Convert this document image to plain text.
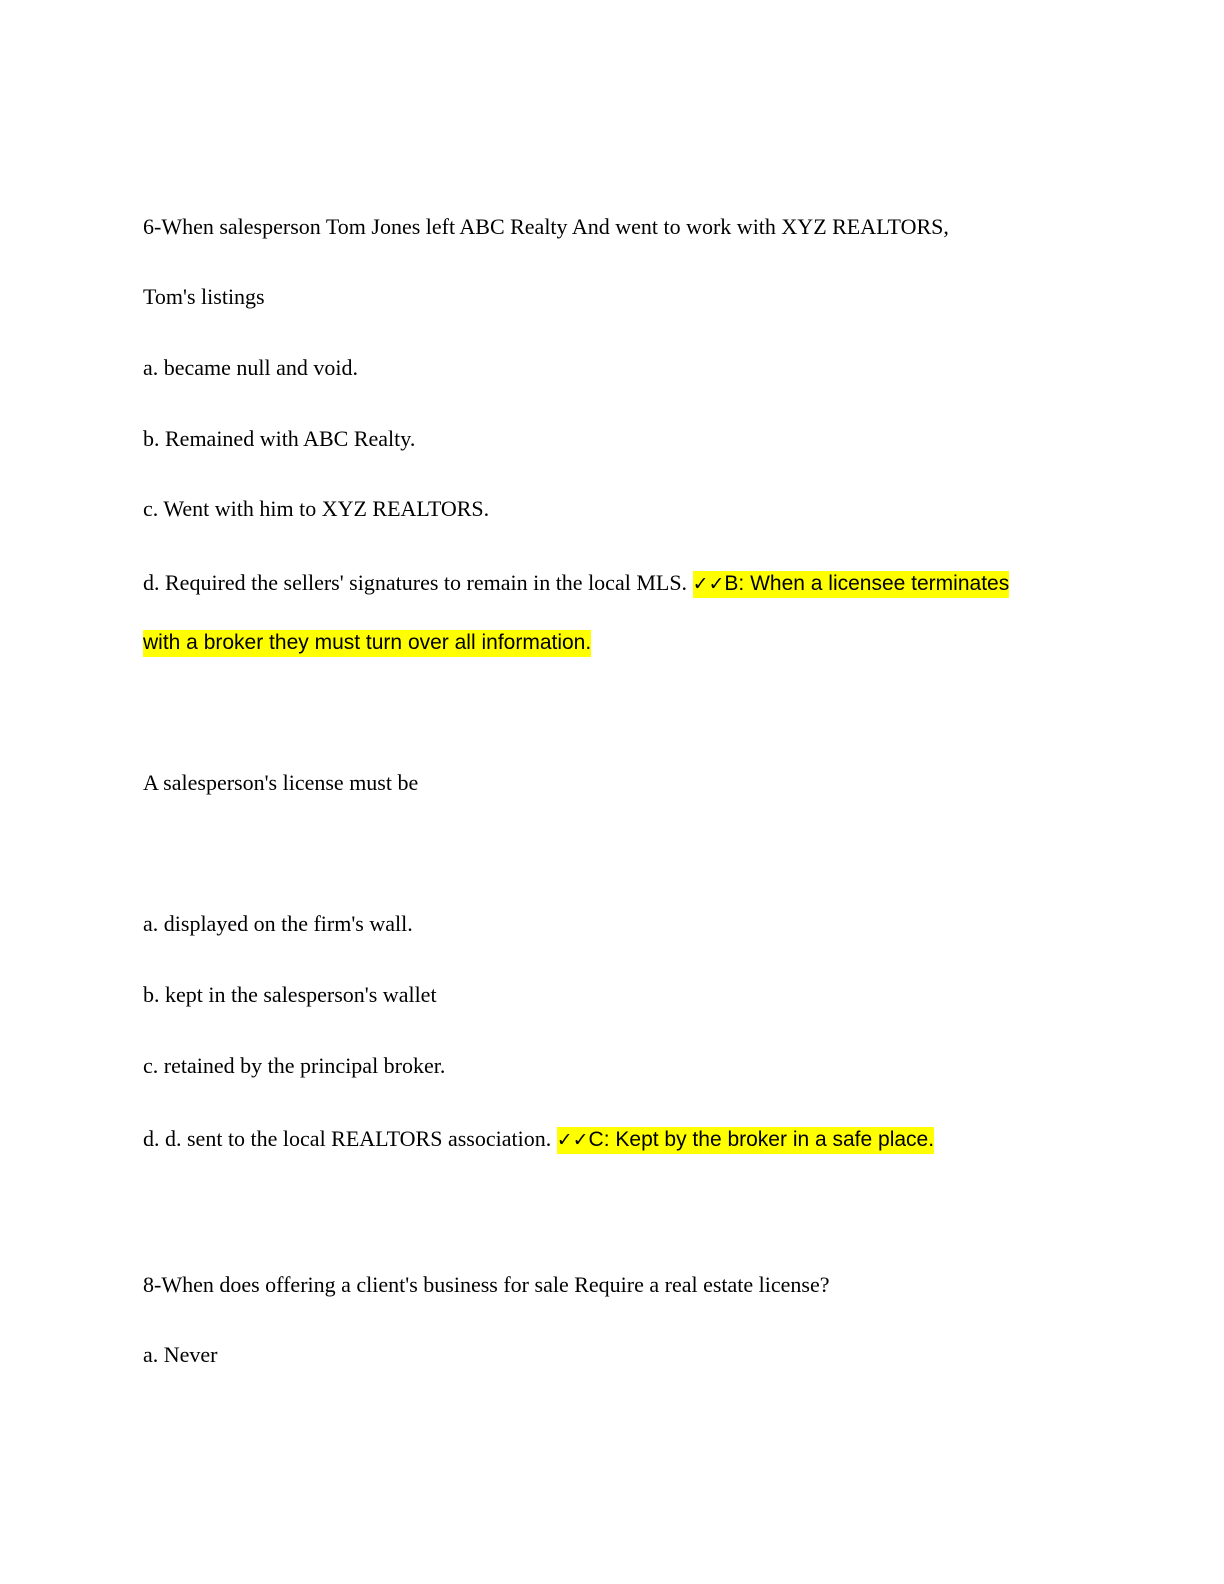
6-When salesperson Tom Jones left ABC Realty And went to work with XYZ REALTORS,
Tom's listings
a. became null and void.
b. Remained with ABC Realty.
c. Went with him to XYZ REALTORS.
d. Required the sellers' signatures to remain in the local MLS. ✓✓B: When a licensee terminates
with a broker they must turn over all information.
A salesperson's license must be
a. displayed on the firm's wall.
b. kept in the salesperson's wallet
c. retained by the principal broker.
d. d. sent to the local REALTORS association. ✓✓C: Kept by the broker in a safe place.
8-When does offering a client's business for sale Require a real estate license?
a. Never
